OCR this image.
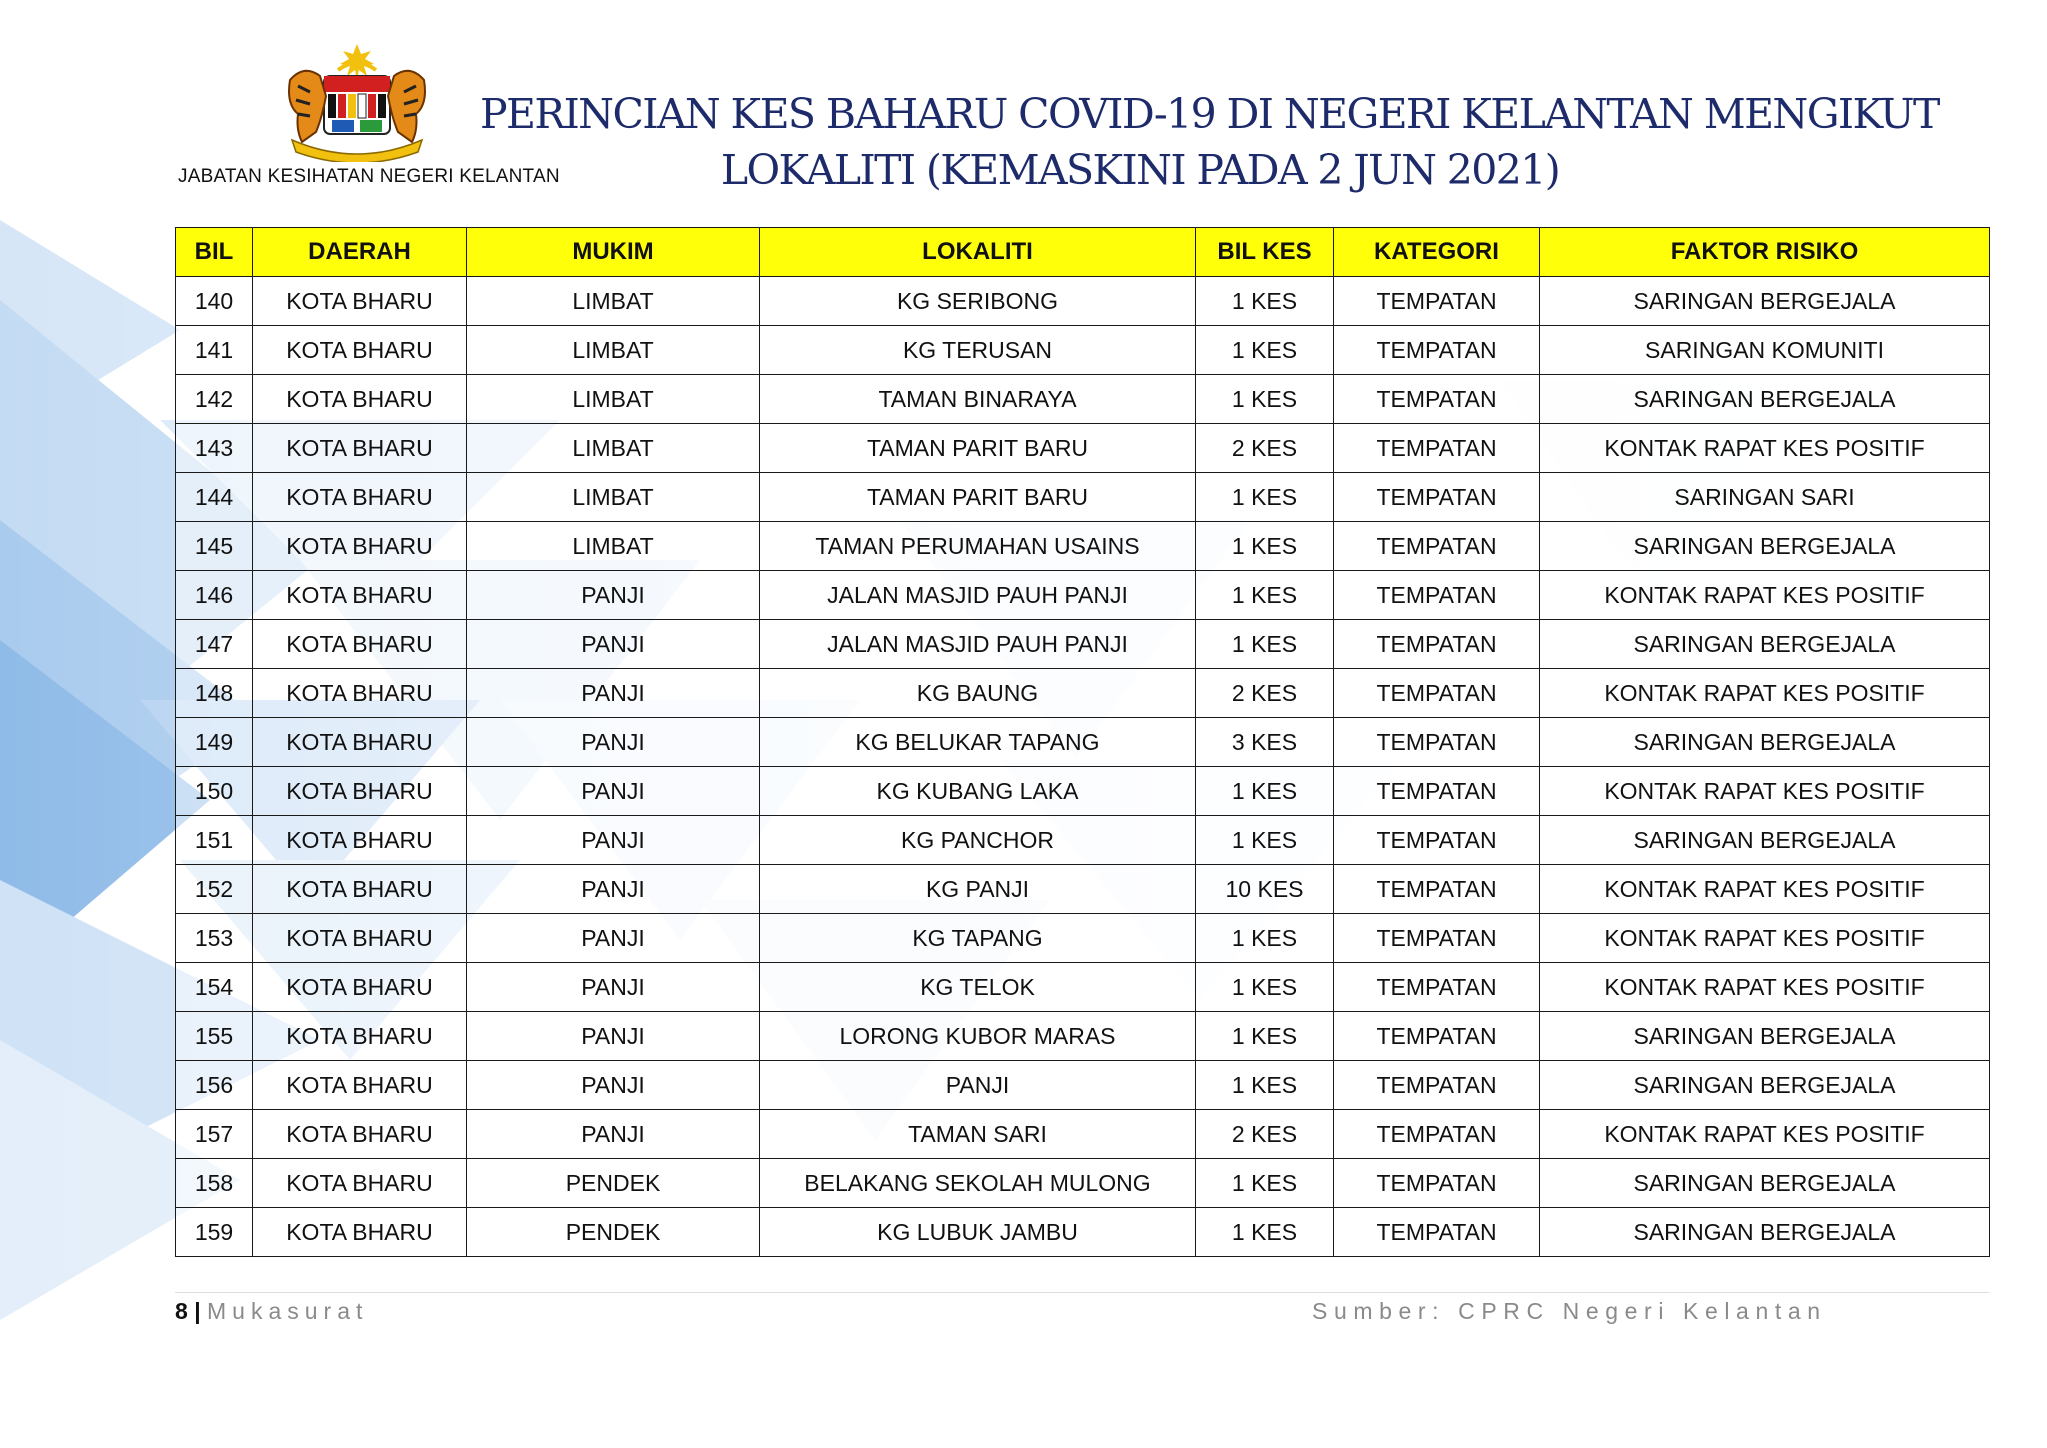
JABATAN KESIHATAN NEGERI KELANTAN
PERINCIAN KES BAHARU COVID-19 DI NEGERI KELANTAN MENGIKUT
LOKALITI (KEMASKINI PADA 2 JUN 2021)
BIL	DAERAH	MUKIM	LOKALITI	BIL KES	KATEGORI	FAKTOR RISIKO
140	KOTA BHARU	LIMBAT	KG SERIBONG	1 KES	TEMPATAN	SARINGAN BERGEJALA
141	KOTA BHARU	LIMBAT	KG TERUSAN	1 KES	TEMPATAN	SARINGAN KOMUNITI
142	KOTA BHARU	LIMBAT	TAMAN BINARAYA	1 KES	TEMPATAN	SARINGAN BERGEJALA
143	KOTA BHARU	LIMBAT	TAMAN PARIT BARU	2 KES	TEMPATAN	KONTAK RAPAT KES POSITIF
144	KOTA BHARU	LIMBAT	TAMAN PARIT BARU	1 KES	TEMPATAN	SARINGAN SARI
145	KOTA BHARU	LIMBAT	TAMAN PERUMAHAN USAINS	1 KES	TEMPATAN	SARINGAN BERGEJALA
146	KOTA BHARU	PANJI	JALAN MASJID PAUH PANJI	1 KES	TEMPATAN	KONTAK RAPAT KES POSITIF
147	KOTA BHARU	PANJI	JALAN MASJID PAUH PANJI	1 KES	TEMPATAN	SARINGAN BERGEJALA
148	KOTA BHARU	PANJI	KG BAUNG	2 KES	TEMPATAN	KONTAK RAPAT KES POSITIF
149	KOTA BHARU	PANJI	KG BELUKAR TAPANG	3 KES	TEMPATAN	SARINGAN BERGEJALA
150	KOTA BHARU	PANJI	KG KUBANG LAKA	1 KES	TEMPATAN	KONTAK RAPAT KES POSITIF
151	KOTA BHARU	PANJI	KG PANCHOR	1 KES	TEMPATAN	SARINGAN BERGEJALA
152	KOTA BHARU	PANJI	KG PANJI	10 KES	TEMPATAN	KONTAK RAPAT KES POSITIF
153	KOTA BHARU	PANJI	KG TAPANG	1 KES	TEMPATAN	KONTAK RAPAT KES POSITIF
154	KOTA BHARU	PANJI	KG TELOK	1 KES	TEMPATAN	KONTAK RAPAT KES POSITIF
155	KOTA BHARU	PANJI	LORONG KUBOR MARAS	1 KES	TEMPATAN	SARINGAN BERGEJALA
156	KOTA BHARU	PANJI	PANJI	1 KES	TEMPATAN	SARINGAN BERGEJALA
157	KOTA BHARU	PANJI	TAMAN SARI	2 KES	TEMPATAN	KONTAK RAPAT KES POSITIF
158	KOTA BHARU	PENDEK	BELAKANG SEKOLAH MULONG	1 KES	TEMPATAN	SARINGAN BERGEJALA
159	KOTA BHARU	PENDEK	KG LUBUK JAMBU	1 KES	TEMPATAN	SARINGAN BERGEJALA
8 | Mukasurat	Sumber: CPRC Negeri Kelantan
